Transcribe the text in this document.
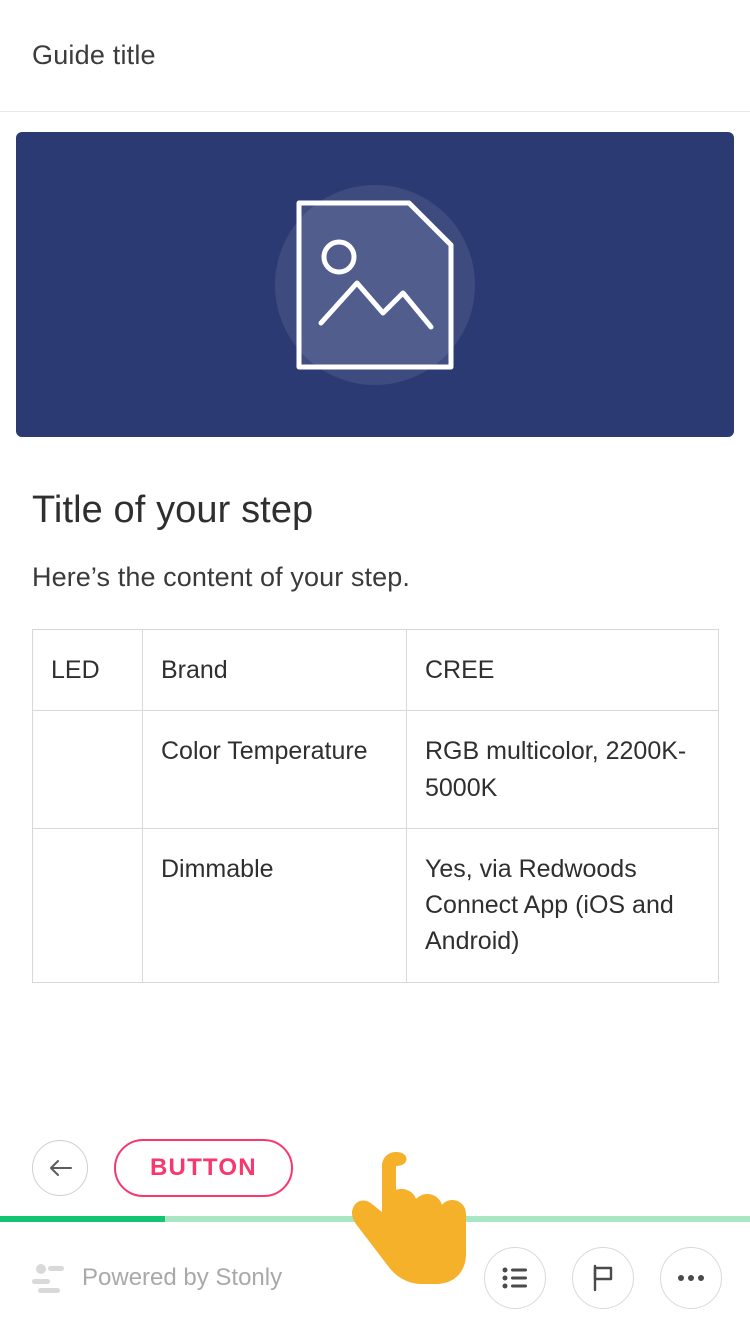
Guide title
Title of your step
Here’s the content of your step.
LED	Brand	CREE
	Color Temperature	RGB multicolor, 2200K-5000K
	Dimmable	Yes, via Redwoods Connect App (iOS and Android)
BUTTON
Powered by Stonly
